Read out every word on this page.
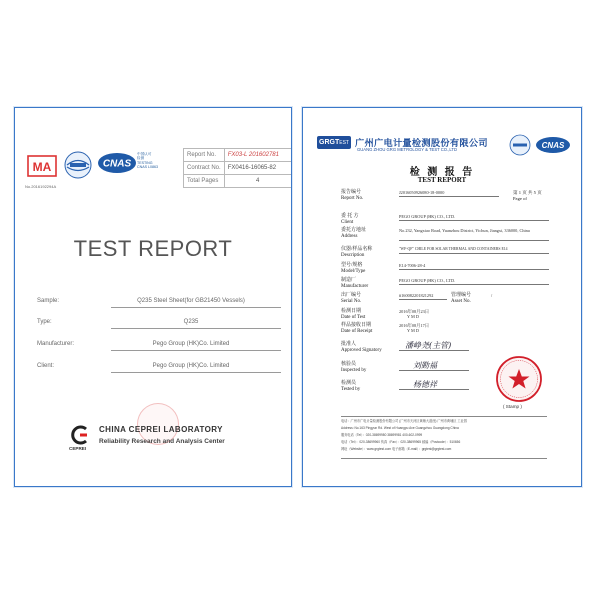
MA
No.2016192294A
CNAS
中国认可
检测
TESTING
CNAS L0863
Report No.	FX03-L 201602781
Contract No.	FX0416-16065-82
Total Pages	4
TEST REPORT
Sample:	Q235 Steel Sheet(for GB21450 Vessels)
Type:	Q235
Manufacturer:	Pego Group (HK)Co. Limited
Client:	Pego Group (HK)Co. Limited
CEPREI
CHINA CEPREI LABORATORY
Reliability Research and Analysis Center
GRGTEST 广州广电计量检测股份有限公司
GUANG ZHOU GRG METROLOGY & TEST CO.,LTD	CNAS
检 测 报 告
TEST REPORT
报告编号
Report No.
J2016050926080-18-0000	第 1 页 共 5 页
Page of
委 托 方
Client
PEGO GROUP (HK) CO., LTD.
委托方地址
Address
No.232, Yangxiao Road, Yuanzhou District, Yichun, Jiangxi, 336000, China
仪器/样品名称
Description
"WF-QF" CHILE FOR SOLAR THERMAL AND CONTAINERS E14
型号/规格
Model/Type
E14-7006-28-4
制造厂
Manufacturer
PEGO GROUP (HK) CO., LTD.
出厂编号
Serial No.
#160082201821292	管理编号
Asset No.
/
检测日期
Date of Test
2016年08月23日
Y M D
样品接收日期
Date of Receipt
2016年08月17日
Y M D
批准人
Approved Signatory
潘峥尧(主管)
核验员
Inspected by
刘勤福
检测员
Tested by
杨德祥
( Stamp )
电话：广州市广电计量检测股份有限公司 (广州市天河区黄埔大道西) 广州市黄埔区 工业园
Address: No.163 Pingyun Rd. West of Huangpu Ave Guangzhou Guangdong China
服务电话（Tel）：020-38699980 38699981 400-602-0999
电话（Tel）：020-38699960 传真（Fax）：020-38699965 邮编（Postcode）：510656
网址（Website）：www.grgtest.com 电子邮箱（E-mail）：grgtest@grgtest.com
